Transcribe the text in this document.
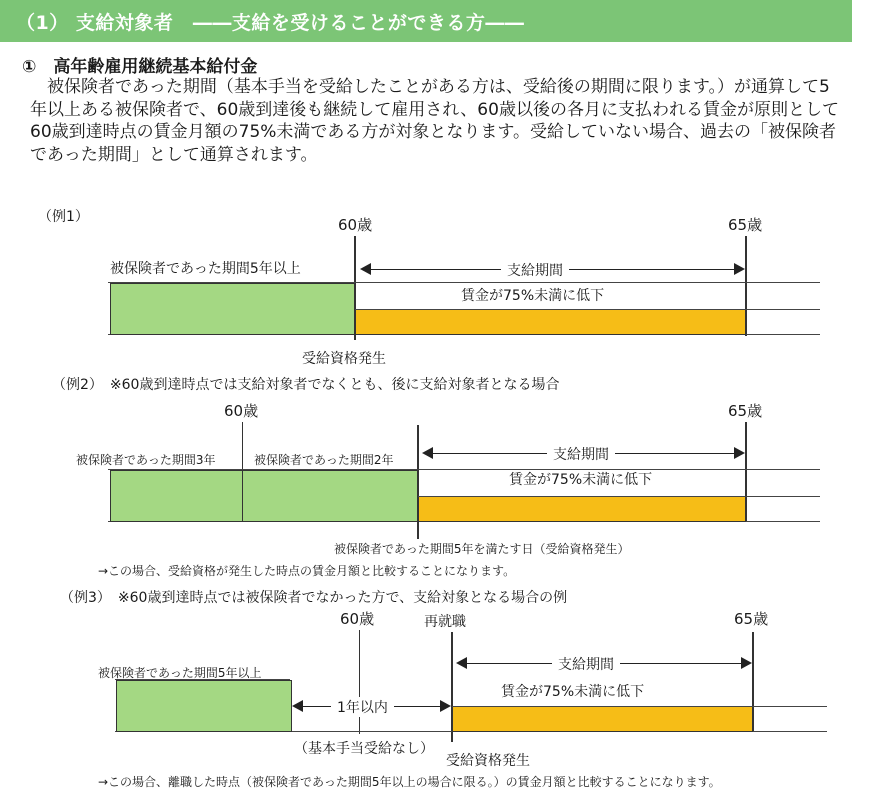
（1） 支給対象者　――支給を受けることができる方――
①　高年齢雇用継続基本給付金
　被保険者であった期間（基本手当を受給したことがある方は、受給後の期間に限ります。）が通算して5年以上ある被保険者で、60歳到達後も継続して雇用され、60歳以後の各月に支払われる賃金が原則として60歳到達時点の賃金月額の75%未満である方が対象となります。受給していない場合、過去の「被保険者であった期間」として通算されます。
（例1）	60歳	65歳
被保険者であった期間5年以上	支給期間
賃金が75%未満に低下
受給資格発生
（例2）　※60歳到達時点では支給対象者でなくとも、後に支給対象者となる場合
60歳	65歳
被保険者であった期間3年	被保険者であった期間2年	支給期間
賃金が75%未満に低下
被保険者であった期間5年を満たす日（受給資格発生）
→この場合、受給資格が発生した時点の賃金月額と比較することになります。
（例3）　※60歳到達時点では被保険者でなかった方で、支給対象となる場合の例
60歳	再就職	65歳
被保険者であった期間5年以上	支給期間
賃金が75%未満に低下
1年以内
（基本手当受給なし）
受給資格発生
→この場合、離職した時点（被保険者であった期間5年以上の場合に限る。）の賃金月額と比較することになります。
